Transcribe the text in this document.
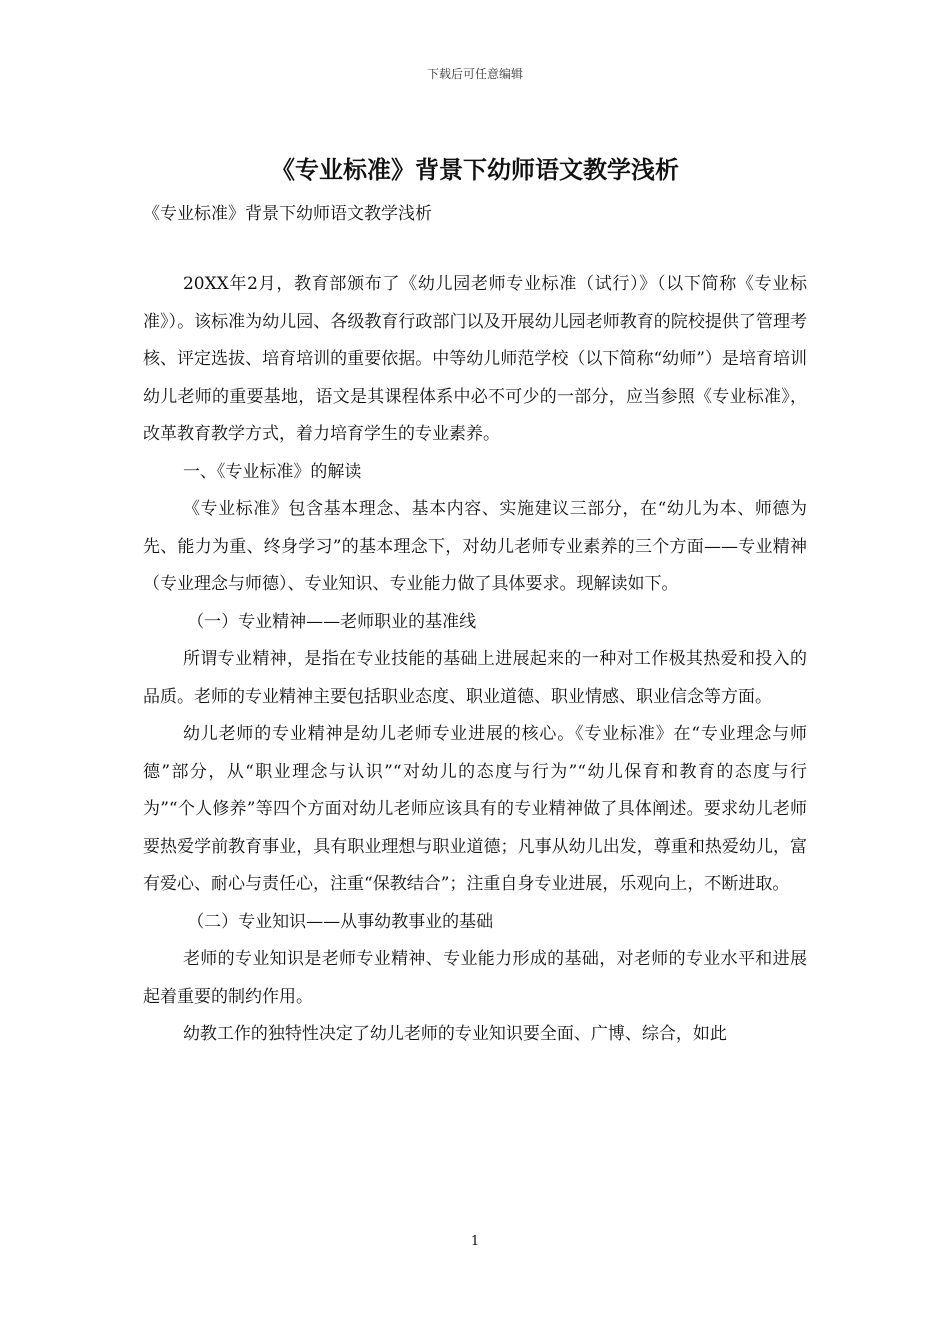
下载后可任意编辑
《专业标准》背景下幼师语文教学浅析

《专业标准》背景下幼师语文教学浅析

20XX年2月，教育部颁布了《幼儿园老师专业标准（试行）》（以下简称《专业标准》）。该标准为幼儿园、各级教育行政部门以及开展幼儿园老师教育的院校提供了管理考核、评定选拔、培育培训的重要依据。中等幼儿师范学校（以下简称“幼师”）是培育培训幼儿老师的重要基地，语文是其课程体系中必不可少的一部分，应当参照《专业标准》，改革教育教学方式，着力培育学生的专业素养。

一、《专业标准》的解读

《专业标准》包含基本理念、基本内容、实施建议三部分，在“幼儿为本、师德为先、能力为重、终身学习”的基本理念下，对幼儿老师专业素养的三个方面——专业精神（专业理念与师德）、专业知识、专业能力做了具体要求。现解读如下。

（一）专业精神——老师职业的基准线

所谓专业精神，是指在专业技能的基础上进展起来的一种对工作极其热爱和投入的品质。老师的专业精神主要包括职业态度、职业道德、职业情感、职业信念等方面。

幼儿老师的专业精神是幼儿老师专业进展的核心。《专业标准》在“专业理念与师德”部分，从“职业理念与认识”“对幼儿的态度与行为”“幼儿保育和教育的态度与行为”“个人修养”等四个方面对幼儿老师应该具有的专业精神做了具体阐述。要求幼儿老师要热爱学前教育事业，具有职业理想与职业道德；凡事从幼儿出发，尊重和热爱幼儿，富有爱心、耐心与责任心，注重“保教结合”；注重自身专业进展，乐观向上，不断进取。

（二）专业知识——从事幼教事业的基础

老师的专业知识是老师专业精神、专业能力形成的基础，对老师的专业水平和进展起着重要的制约作用。

幼教工作的独特性决定了幼儿老师的专业知识要全面、广博、综合，如此

1
